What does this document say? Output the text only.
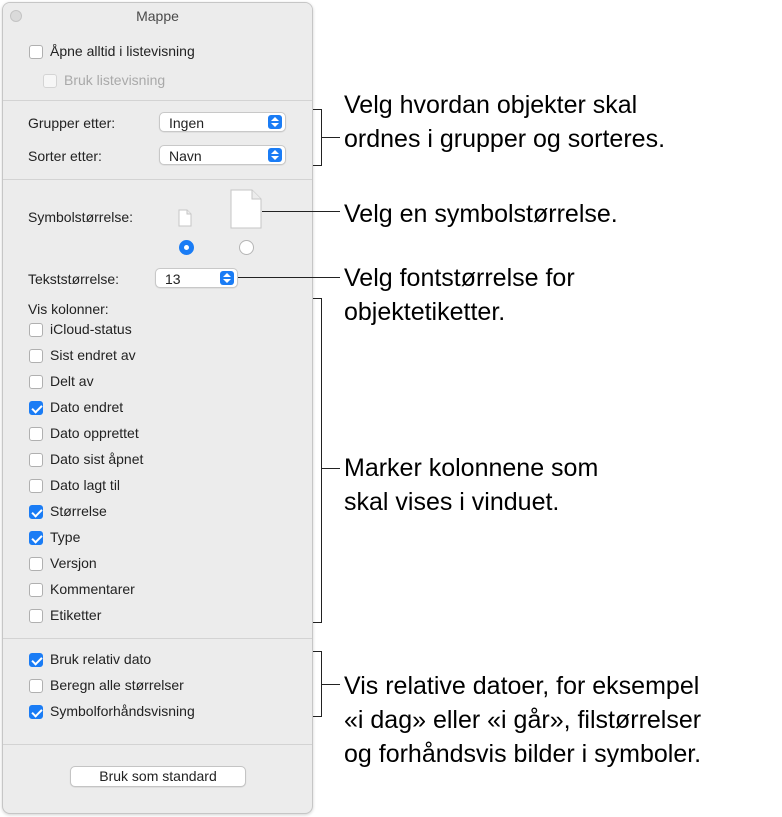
Mappe
Åpne alltid i listevisning
Bruk listevisning
Grupper etter:	Ingen
Sorter etter:	Navn
Symbolstørrelse:
Tekststørrelse:	13
Vis kolonner:
iCloud-status
Sist endret av
Delt av
Dato endret
Dato opprettet
Dato sist åpnet
Dato lagt til
Størrelse
Type
Versjon
Kommentarer
Etiketter
Bruk relativ dato
Beregn alle størrelser
Symbolforhåndsvisning
Bruk som standard
Velg hvordan objekter skal
ordnes i grupper og sorteres.
Velg en symbolstørrelse.
Velg fontstørrelse for
objektetiketter.
Marker kolonnene som
skal vises i vinduet.
Vis relative datoer, for eksempel
«i dag» eller «i går», filstørrelser
og forhåndsvis bilder i symboler.
